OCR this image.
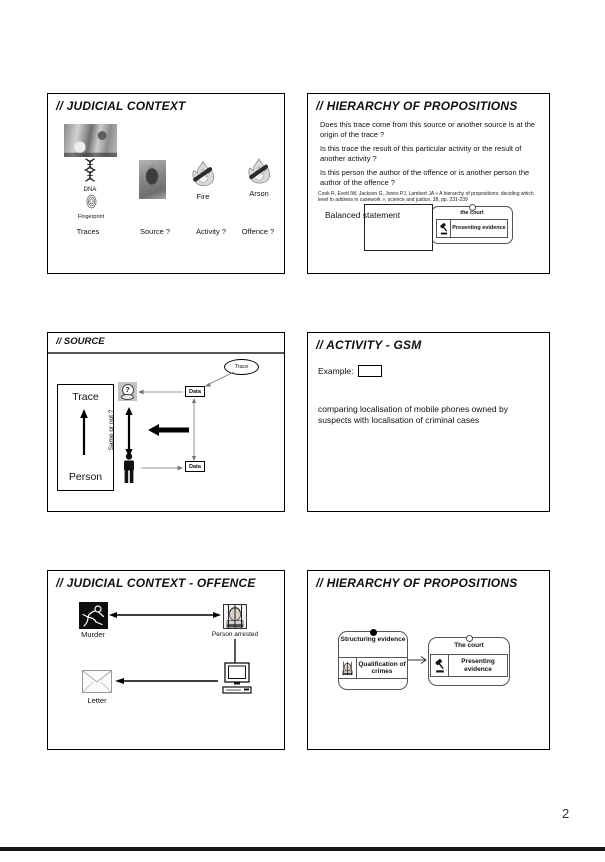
// JUDICIAL CONTEXT
DNA
Fingerprint
Fire	Arson
Traces	Source ?	Activity ?	Offence ?
// HIERARCHY OF PROPOSITIONS

Does this trace come from this source or another source is at the origin of the trace ?

Is this trace the result of this particular activity or the result of another activity ?

Is this person the author of the offence or is another person the author of the offence ?

Cook R, Evett IW, Jackson G, Jones PJ, Lambert JA « A hierarchy of propositions: deciding which level to address in casework », science and justice, 38, pp. 231-239
the court
Presenting evidence
Balanced statement
// SOURCE
Trace
Person
?
Same or not ?
Data
Data
Trace
// ACTIVITY - GSM
Example:
comparing localisation of mobile phones owned by suspects with localisation of criminal cases
// JUDICIAL CONTEXT - OFFENCE
Murder	Person arrested
Letter
// HIERARCHY OF PROPOSITIONS
Structuring evidence
Qualification of crimes
The court
Presenting evidence
2
